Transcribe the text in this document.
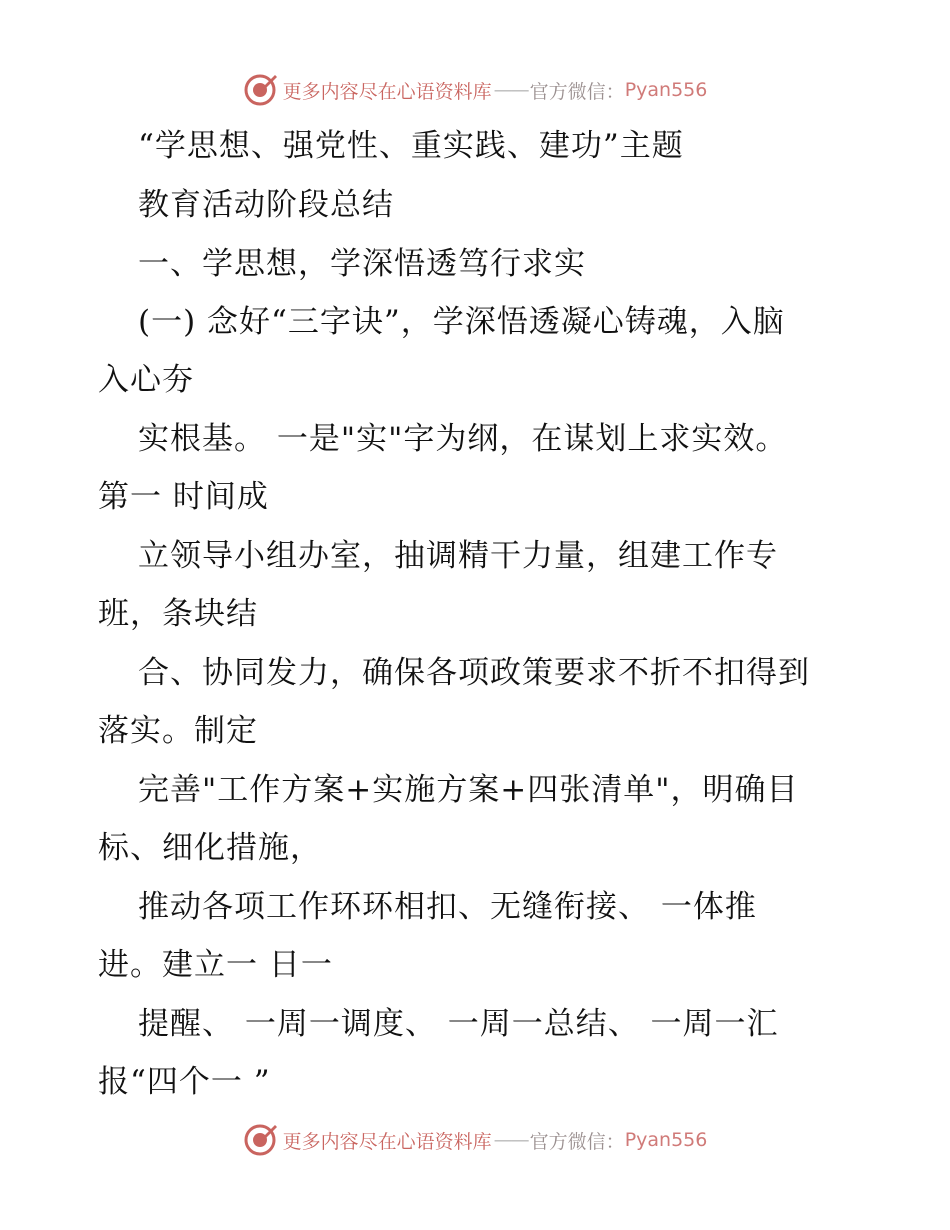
更多内容尽在心语资料库 —— 官方微信： Pyan556
“学思想、强党性、重实践、建功”主题
教育活动阶段总结
一、学思想，学深悟透笃行求实
(一) 念好“三字诀”，学深悟透凝心铸魂，入脑
入心夯
实根基。 一是"实"字为纲，在谋划上求实效。
第一 时间成
立领导小组办室，抽调精干力量，组建工作专
班，条块结
合、协同发力，确保各项政策要求不折不扣得到
落实。制定
完善"工作方案+实施方案+四张清单"，明确目
标、细化措施，
推动各项工作环环相扣、无缝衔接、 一体推
进。建立一 日一
提醒、 一周一调度、 一周一总结、 一周一汇
报“四个一 ”
更多内容尽在心语资料库 —— 官方微信： Pyan556
